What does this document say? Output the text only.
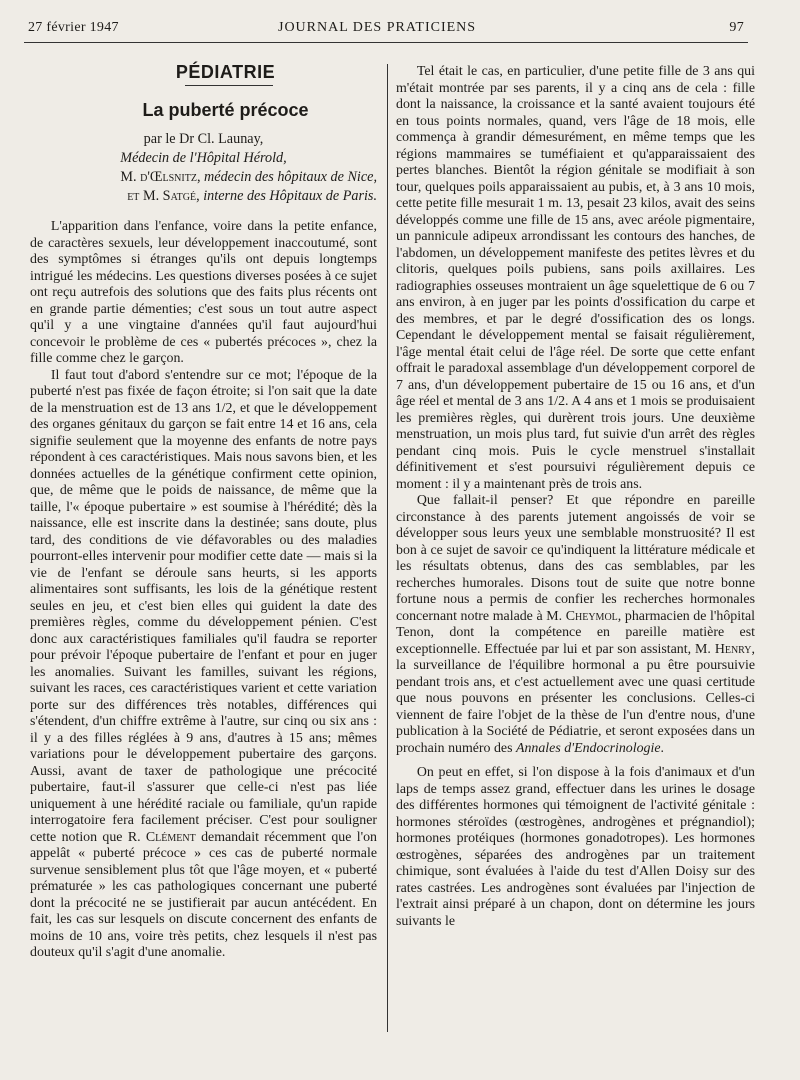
27 février 1947	JOURNAL DES PRATICIENS	97
PÉDIATRIE
La puberté précoce
par le Dr Cl. Launay,
Médecin de l'Hôpital Hérold,
M. d'Œlsnitz, médecin des hôpitaux de Nice,
et M. Satgé, interne des Hôpitaux de Paris.

L'apparition dans l'enfance, voire dans la petite enfance, de caractères sexuels, leur développement inaccoutumé, sont des symptômes si étranges qu'ils ont depuis longtemps intrigué les médecins. Les questions diverses posées à ce sujet ont reçu autrefois des solutions que des faits plus récents ont en grande partie démenties; c'est sous un tout autre aspect qu'il y a une vingtaine d'années qu'il faut aujourd'hui concevoir le problème de ces « pubertés précoces », chez la fille comme chez le garçon.

Il faut tout d'abord s'entendre sur ce mot; l'époque de la puberté n'est pas fixée de façon étroite; si l'on sait que la date de la menstruation est de 13 ans 1/2, et que le développement des organes génitaux du garçon se fait entre 14 et 16 ans, cela signifie seulement que la moyenne des enfants de notre pays répondent à ces caractéristiques. Mais nous savons bien, et les données actuelles de la génétique confirment cette opinion, que, de même que le poids de naissance, de même que la taille, l'« époque pubertaire » est soumise à l'hérédité; dès la naissance, elle est inscrite dans la destinée; sans doute, plus tard, des conditions de vie défavorables ou des maladies pourront-elles intervenir pour modifier cette date — mais si la vie de l'enfant se déroule sans heurts, si les apports alimentaires sont suffisants, les lois de la génétique restent seules en jeu, et c'est bien elles qui guident la date des premières règles, comme du développement pénien. C'est donc aux caractéristiques familiales qu'il faudra se reporter pour prévoir l'époque pubertaire de l'enfant et pour en juger les anomalies. Suivant les familles, suivant les régions, suivant les races, ces caractéristiques varient et cette variation porte sur des différences très notables, différences qui s'étendent, d'un chiffre extrême à l'autre, sur cinq ou six ans : il y a des filles réglées à 9 ans, d'autres à 15 ans; mêmes variations pour le développement pubertaire des garçons. Aussi, avant de taxer de pathologique une précocité pubertaire, faut-il s'assurer que celle-ci n'est pas liée uniquement à une hérédité raciale ou familiale, qu'un rapide interrogatoire fera facilement préciser. C'est pour souligner cette notion que R. Clément demandait récemment que l'on appelât « puberté précoce » ces cas de puberté normale survenue sensiblement plus tôt que l'âge moyen, et « puberté prématurée » les cas pathologiques concernant une puberté dont la précocité ne se justifierait par aucun antécédent. En fait, les cas sur lesquels on discute concernent des enfants de moins de 10 ans, voire très petits, chez lesquels il n'est pas douteux qu'il s'agit d'une anomalie.

Tel était le cas, en particulier, d'une petite fille de 3 ans qui m'était montrée par ses parents, il y a cinq ans de cela : fille dont la naissance, la croissance et la santé avaient toujours été en tous points normales, quand, vers l'âge de 18 mois, elle commença à grandir démesurément, en même temps que les régions mammaires se tuméfiaient et qu'apparaissaient des pertes blanches. Bientôt la région génitale se modifiait à son tour, quelques poils apparaissaient au pubis, et, à 3 ans 10 mois, cette petite fille mesurait 1 m. 13, pesait 23 kilos, avait des seins développés comme une fille de 15 ans, avec aréole pigmentaire, un pannicule adipeux arrondissant les contours des hanches, de l'abdomen, un développement manifeste des petites lèvres et du clitoris, quelques poils pubiens, sans poils axillaires. Les radiographies osseuses montraient un âge squelettique de 6 ou 7 ans environ, à en juger par les points d'ossification du carpe et des membres, et par le degré d'ossification des os longs. Cependant le développement mental se faisait régulièrement, l'âge mental était celui de l'âge réel. De sorte que cette enfant offrait le paradoxal assemblage d'un développement corporel de 7 ans, d'un développement pubertaire de 15 ou 16 ans, et d'un âge réel et mental de 3 ans 1/2. A 4 ans et 1 mois se produisaient les premières règles, qui durèrent trois jours. Une deuxième menstruation, un mois plus tard, fut suivie d'un arrêt des règles pendant cinq mois. Puis le cycle menstruel s'installait définitivement et s'est poursuivi régulièrement depuis ce moment : il y a maintenant près de trois ans.

Que fallait-il penser? Et que répondre en pareille circonstance à des parents jutement angoissés de voir se développer sous leurs yeux une semblable monstruosité? Il est bon à ce sujet de savoir ce qu'indiquent la littérature médicale et les résultats obtenus, dans des cas semblables, par les recherches humorales. Disons tout de suite que notre bonne fortune nous a permis de confier les recherches hormonales concernant notre malade à M. Cheymol, pharmacien de l'hôpital Tenon, dont la compétence en pareille matière est exceptionnelle. Effectuée par lui et par son assistant, M. Henry, la surveillance de l'équilibre hormonal a pu être poursuivie pendant trois ans, et c'est actuellement avec une quasi certitude que nous pouvons en présenter les conclusions. Celles-ci viennent de faire l'objet de la thèse de l'un d'entre nous, d'une publication à la Société de Pédiatrie, et seront exposées dans un prochain numéro des Annales d'Endocrinologie.

On peut en effet, si l'on dispose à la fois d'animaux et d'un laps de temps assez grand, effectuer dans les urines le dosage des différentes hormones qui témoignent de l'activité génitale : hormones stéroïdes (œstrogènes, androgènes et prégnandiol); hormones protéiques (hormones gonadotropes). Les hormones œstrogènes, séparées des androgènes par un traitement chimique, sont évaluées à l'aide du test d'Allen Doisy sur des rates castrées. Les androgènes sont évaluées par l'injection de l'extrait ainsi préparé à un chapon, dont on détermine les jours suivants le
